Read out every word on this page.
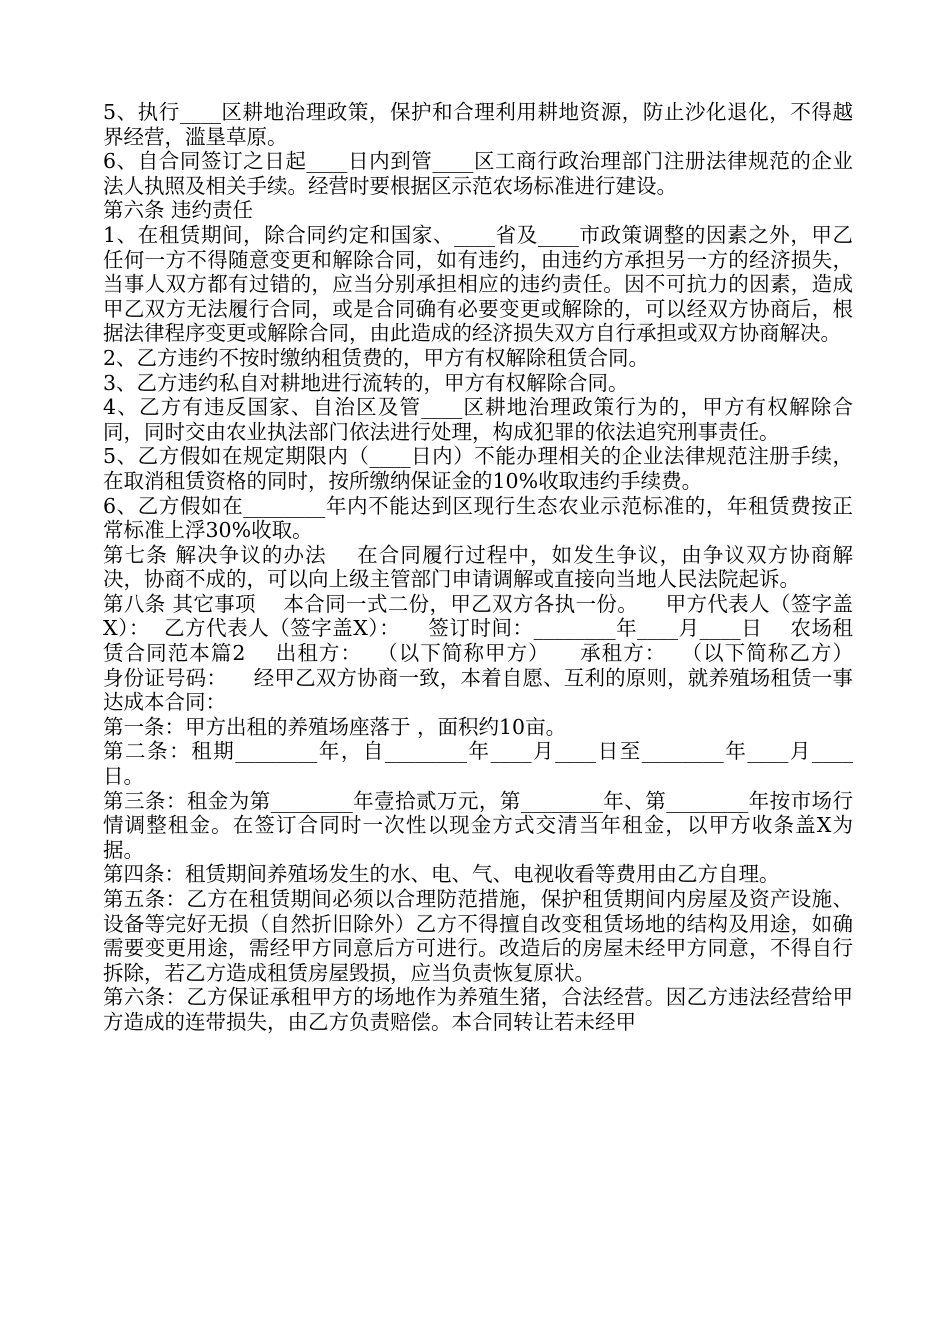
5、执行____区耕地治理政策，保护和合理利用耕地资源，防止沙化退化，不得越界经营，滥垦草原。

6、自合同签订之日起____日内到管____区工商行政治理部门注册法律规范的企业法人执照及相关手续。经营时要根据区示范农场标准进行建设。

第六条 违约责任

1、在租赁期间，除合同约定和国家、____省及____市政策调整的因素之外，甲乙任何一方不得随意变更和解除合同，如有违约，由违约方承担另一方的经济损失，当事人双方都有过错的，应当分别承担相应的违约责任。因不可抗力的因素，造成甲乙双方无法履行合同，或是合同确有必要变更或解除的，可以经双方协商后，根据法律程序变更或解除合同，由此造成的经济损失双方自行承担或双方协商解决。

2、乙方违约不按时缴纳租赁费的，甲方有权解除租赁合同。

3、乙方违约私自对耕地进行流转的，甲方有权解除合同。

4、乙方有违反国家、自治区及管____区耕地治理政策行为的，甲方有权解除合同，同时交由农业执法部门依法进行处理，构成犯罪的依法追究刑事责任。

5、乙方假如在规定期限内（____日内）不能办理相关的企业法律规范注册手续，在取消租赁资格的同时，按所缴纳保证金的10%收取违约手续费。

6、乙方假如在________年内不能达到区现行生态农业示范标准的，年租赁费按正常标准上浮30%收取。

第七条 解决争议的办法    在合同履行过程中，如发生争议，由争议双方协商解决，协商不成的，可以向上级主管部门申请调解或直接向当地人民法院起诉。

第八条 其它事项    本合同一式二份，甲乙双方各执一份。    甲方代表人（签字盖X）：  乙方代表人（签字盖X）：    签订时间：________年____月____日    农场租赁合同范本篇2    出租方：  （以下简称甲方）    承租方：  （以下简称乙方）    身份证号码：    经甲乙双方协商一致，本着自愿、互利的原则，就养殖场租赁一事达成本合同：

第一条：甲方出租的养殖场座落于 ，面积约10亩。

第二条：租期________年，自________年____月____日至________年____月____日。

第三条：租金为第________年壹拾贰万元，第________年、第________年按市场行情调整租金。在签订合同时一次性以现金方式交清当年租金，以甲方收条盖X为据。

第四条：租赁期间养殖场发生的水、电、气、电视收看等费用由乙方自理。

第五条：乙方在租赁期间必须以合理防范措施，保护租赁期间内房屋及资产设施、设备等完好无损（自然折旧除外）乙方不得擅自改变租赁场地的结构及用途，如确需要变更用途，需经甲方同意后方可进行。改造后的房屋未经甲方同意，不得自行拆除，若乙方造成租赁房屋毁损，应当负责恢复原状。

第六条：乙方保证承租甲方的场地作为养殖生猪，合法经营。因乙方违法经营给甲方造成的连带损失，由乙方负责赔偿。本合同转让若未经甲
